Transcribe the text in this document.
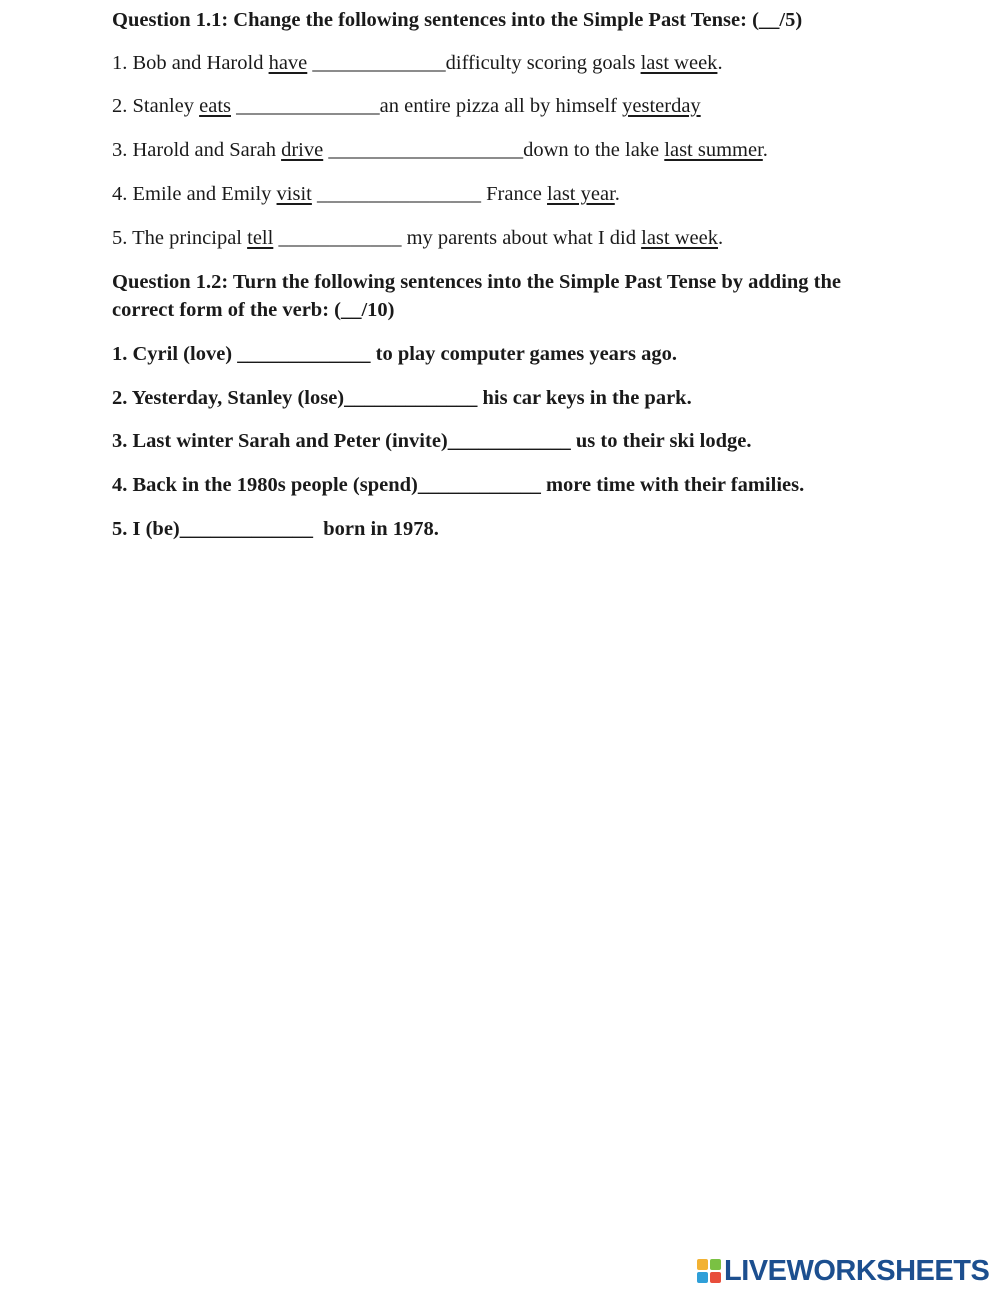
Question 1.1: Change the following sentences into the Simple Past Tense: (__/5)
1. Bob and Harold have _____________difficulty scoring goals last week.
2. Stanley eats ______________an entire pizza all by himself yesterday
3. Harold and Sarah drive ___________________down to the lake last summer.
4. Emile and Emily visit ________________ France last year.
5. The principal tell ____________ my parents about what I did last week.
Question 1.2: Turn the following sentences into the Simple Past Tense by adding the correct form of the verb: (__/10)
1. Cyril (love) _____________ to play computer games years ago.
2. Yesterday, Stanley (lose)_____________ his car keys in the park.
3. Last winter Sarah and Peter (invite)____________ us to their ski lodge.
4. Back in the 1980s people (spend)____________ more time with their families.
5. I (be)_____________  born in 1978.
LIVEWORKSHEETS
